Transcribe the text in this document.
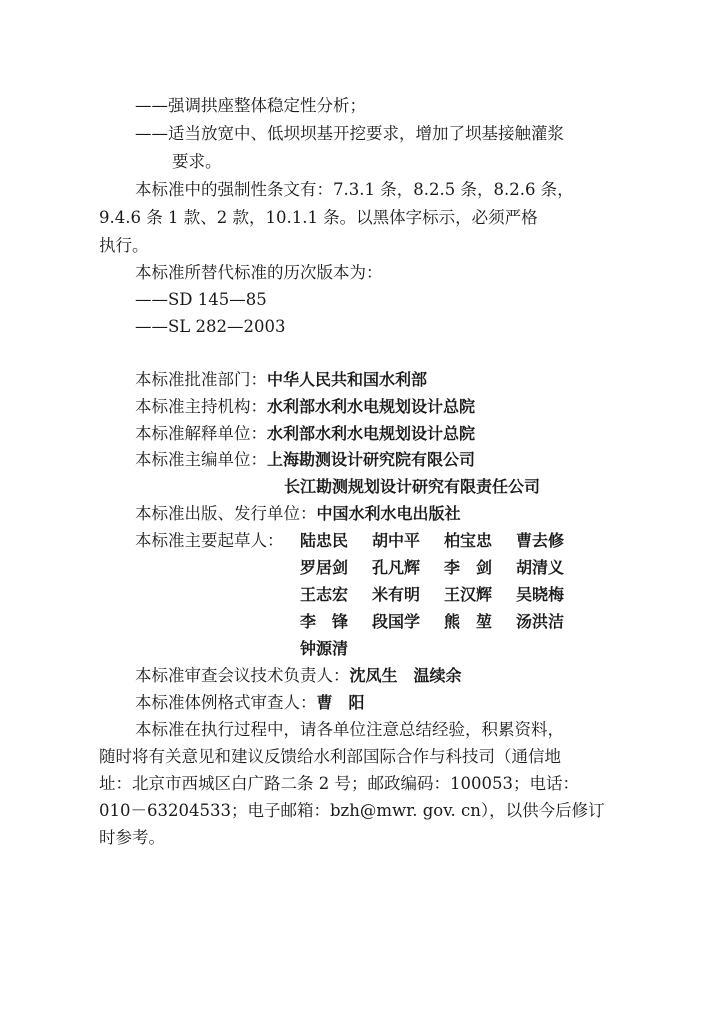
——强调拱座整体稳定性分析；
——适当放宽中、低坝坝基开挖要求，增加了坝基接触灌浆
要求。
本标准中的强制性条文有：7.3.1 条，8.2.5 条，8.2.6 条，
9.4.6 条 1 款、2 款，10.1.1 条。以黑体字标示，必须严格
执行。
本标准所替代标准的历次版本为：
——SD 145—85
——SL 282—2003
本标准批准部门：中华人民共和国水利部
本标准主持机构：水利部水利水电规划设计总院
本标准解释单位：水利部水利水电规划设计总院
本标准主编单位：上海勘测设计研究院有限公司
长江勘测规划设计研究有限责任公司
本标准出版、发行单位：中国水利水电出版社
本标准主要起草人： 陆忠民	胡中平	柏宝忠	曹去修
罗居剑	孔凡辉	李　剑	胡清义
王志宏	米有明	王汉辉	吴晓梅
李　锋	段国学	熊　堃	汤洪洁
钟源清
本标准审查会议技术负责人：沈凤生　温续余
本标准体例格式审查人：曹　阳
本标准在执行过程中，请各单位注意总结经验，积累资料，
随时将有关意见和建议反馈给水利部国际合作与科技司（通信地
址：北京市西城区白广路二条 2 号；邮政编码：100053；电话：
010－63204533；电子邮箱：bzh@mwr. gov. cn），以供今后修订
时参考。
